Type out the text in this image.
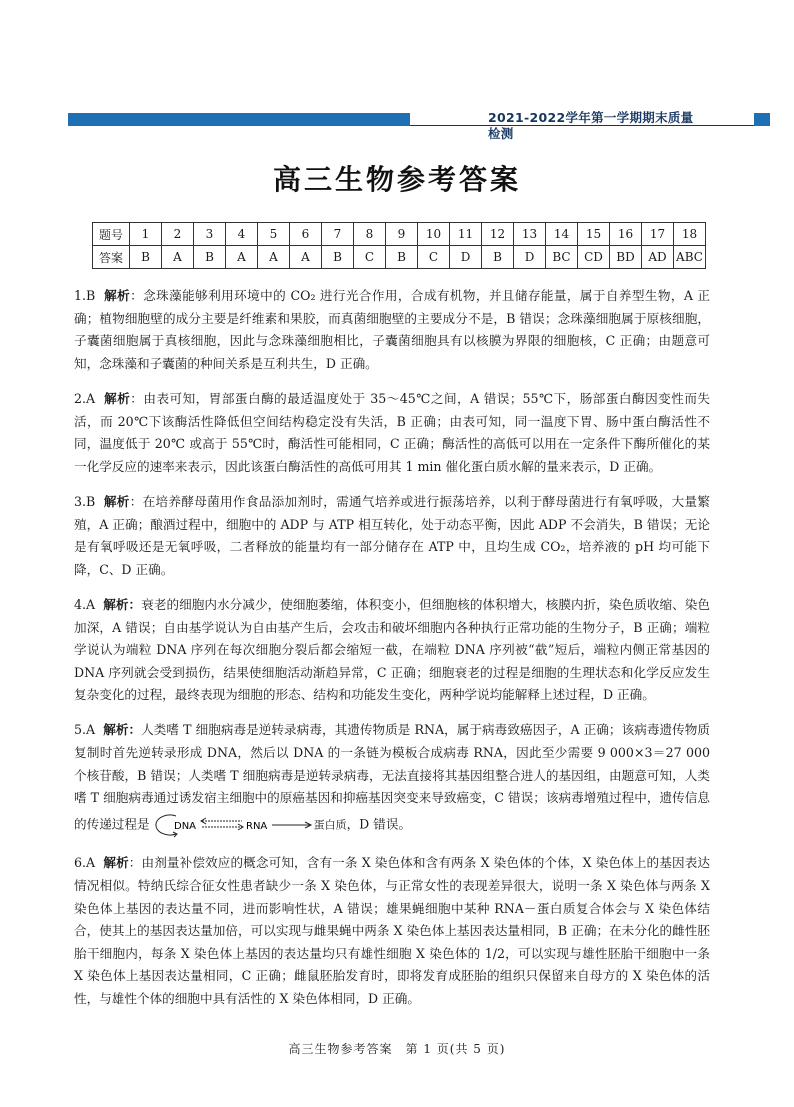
2021-2022学年第一学期期末质量检测
高三生物参考答案
题号	1	2	3	4	5	6	7	8	9	10	11	12	13	14	15	16	17	18
答案	B	A	B	A	A	A	B	C	B	C	D	B	D	BC	CD	BD	AD	ABC

1.B 解析：念珠藻能够利用环境中的 CO₂ 进行光合作用，合成有机物，并且储存能量，属于自养型生物，A 正确；植物细胞壁的成分主要是纤维素和果胶，而真菌细胞壁的主要成分不是，B 错误；念珠藻细胞属于原核细胞，子囊菌细胞属于真核细胞，因此与念珠藻细胞相比，子囊菌细胞具有以核膜为界限的细胞核，C 正确；由题意可知，念珠藻和子囊菌的种间关系是互利共生，D 正确。

2.A 解析：由表可知，胃部蛋白酶的最适温度处于 35～45℃之间，A 错误；55℃下，肠部蛋白酶因变性而失活，而 20℃下该酶活性降低但空间结构稳定没有失活，B 正确；由表可知，同一温度下胃、肠中蛋白酶活性不同，温度低于 20℃ 或高于 55℃时，酶活性可能相同，C 正确；酶活性的高低可以用在一定条件下酶所催化的某一化学反应的速率来表示，因此该蛋白酶活性的高低可用其 1 min 催化蛋白质水解的量来表示，D 正确。

3.B 解析：在培养酵母菌用作食品添加剂时，需通气培养或进行振荡培养，以利于酵母菌进行有氧呼吸，大量繁殖，A 正确；酿酒过程中，细胞中的 ADP 与 ATP 相互转化，处于动态平衡，因此 ADP 不会消失，B 错误；无论是有氧呼吸还是无氧呼吸，二者释放的能量均有一部分储存在 ATP 中，且均生成 CO₂，培养液的 pH 均可能下降，C、D 正确。

4.A 解析：衰老的细胞内水分减少，使细胞萎缩，体积变小，但细胞核的体积增大，核膜内折，染色质收缩、染色加深，A 错误；自由基学说认为自由基产生后，会攻击和破坏细胞内各种执行正常功能的生物分子，B 正确；端粒学说认为端粒 DNA 序列在每次细胞分裂后都会缩短一截，在端粒 DNA 序列被“截”短后，端粒内侧正常基因的 DNA 序列就会受到损伤，结果使细胞活动渐趋异常，C 正确；细胞衰老的过程是细胞的生理状态和化学反应发生复杂变化的过程，最终表现为细胞的形态、结构和功能发生变化，两种学说均能解释上述过程，D 正确。

5.A 解析：人类嗜 T 细胞病毒是逆转录病毒，其遗传物质是 RNA，属于病毒致癌因子，A 正确；该病毒遗传物质复制时首先逆转录形成 DNA，然后以 DNA 的一条链为模板合成病毒 RNA，因此至少需要 9 000×3＝27 000 个核苷酸，B 错误；人类嗜 T 细胞病毒是逆转录病毒，无法直接将其基因组整合进人的基因组，由题意可知，人类嗜 T 细胞病毒通过诱发宿主细胞中的原癌基因和抑癌基因突变来导致癌变，C 错误；该病毒增殖过程中，遗传信息的传递过程是 DNA	RNA	蛋白质，D 错误。

6.A 解析：由剂量补偿效应的概念可知，含有一条 X 染色体和含有两条 X 染色体的个体，X 染色体上的基因表达情况相似。特纳氏综合征女性患者缺少一条 X 染色体，与正常女性的表现差异很大，说明一条 X 染色体与两条 X 染色体上基因的表达量不同，进而影响性状，A 错误；雄果蝇细胞中某种 RNA－蛋白质复合体会与 X 染色体结合，使其上的基因表达量加倍，可以实现与雌果蝇中两条 X 染色体上基因表达量相同，B 正确；在未分化的雌性胚胎干细胞内，每条 X 染色体上基因的表达量均只有雄性细胞 X 染色体的 1/2，可以实现与雄性胚胎干细胞中一条 X 染色体上基因表达量相同，C 正确；雌鼠胚胎发育时，即将发育成胚胎的组织只保留来自母方的 X 染色体的活性，与雄性个体的细胞中具有活性的 X 染色体相同，D 正确。

高三生物参考答案　第 1 页(共 5 页)
